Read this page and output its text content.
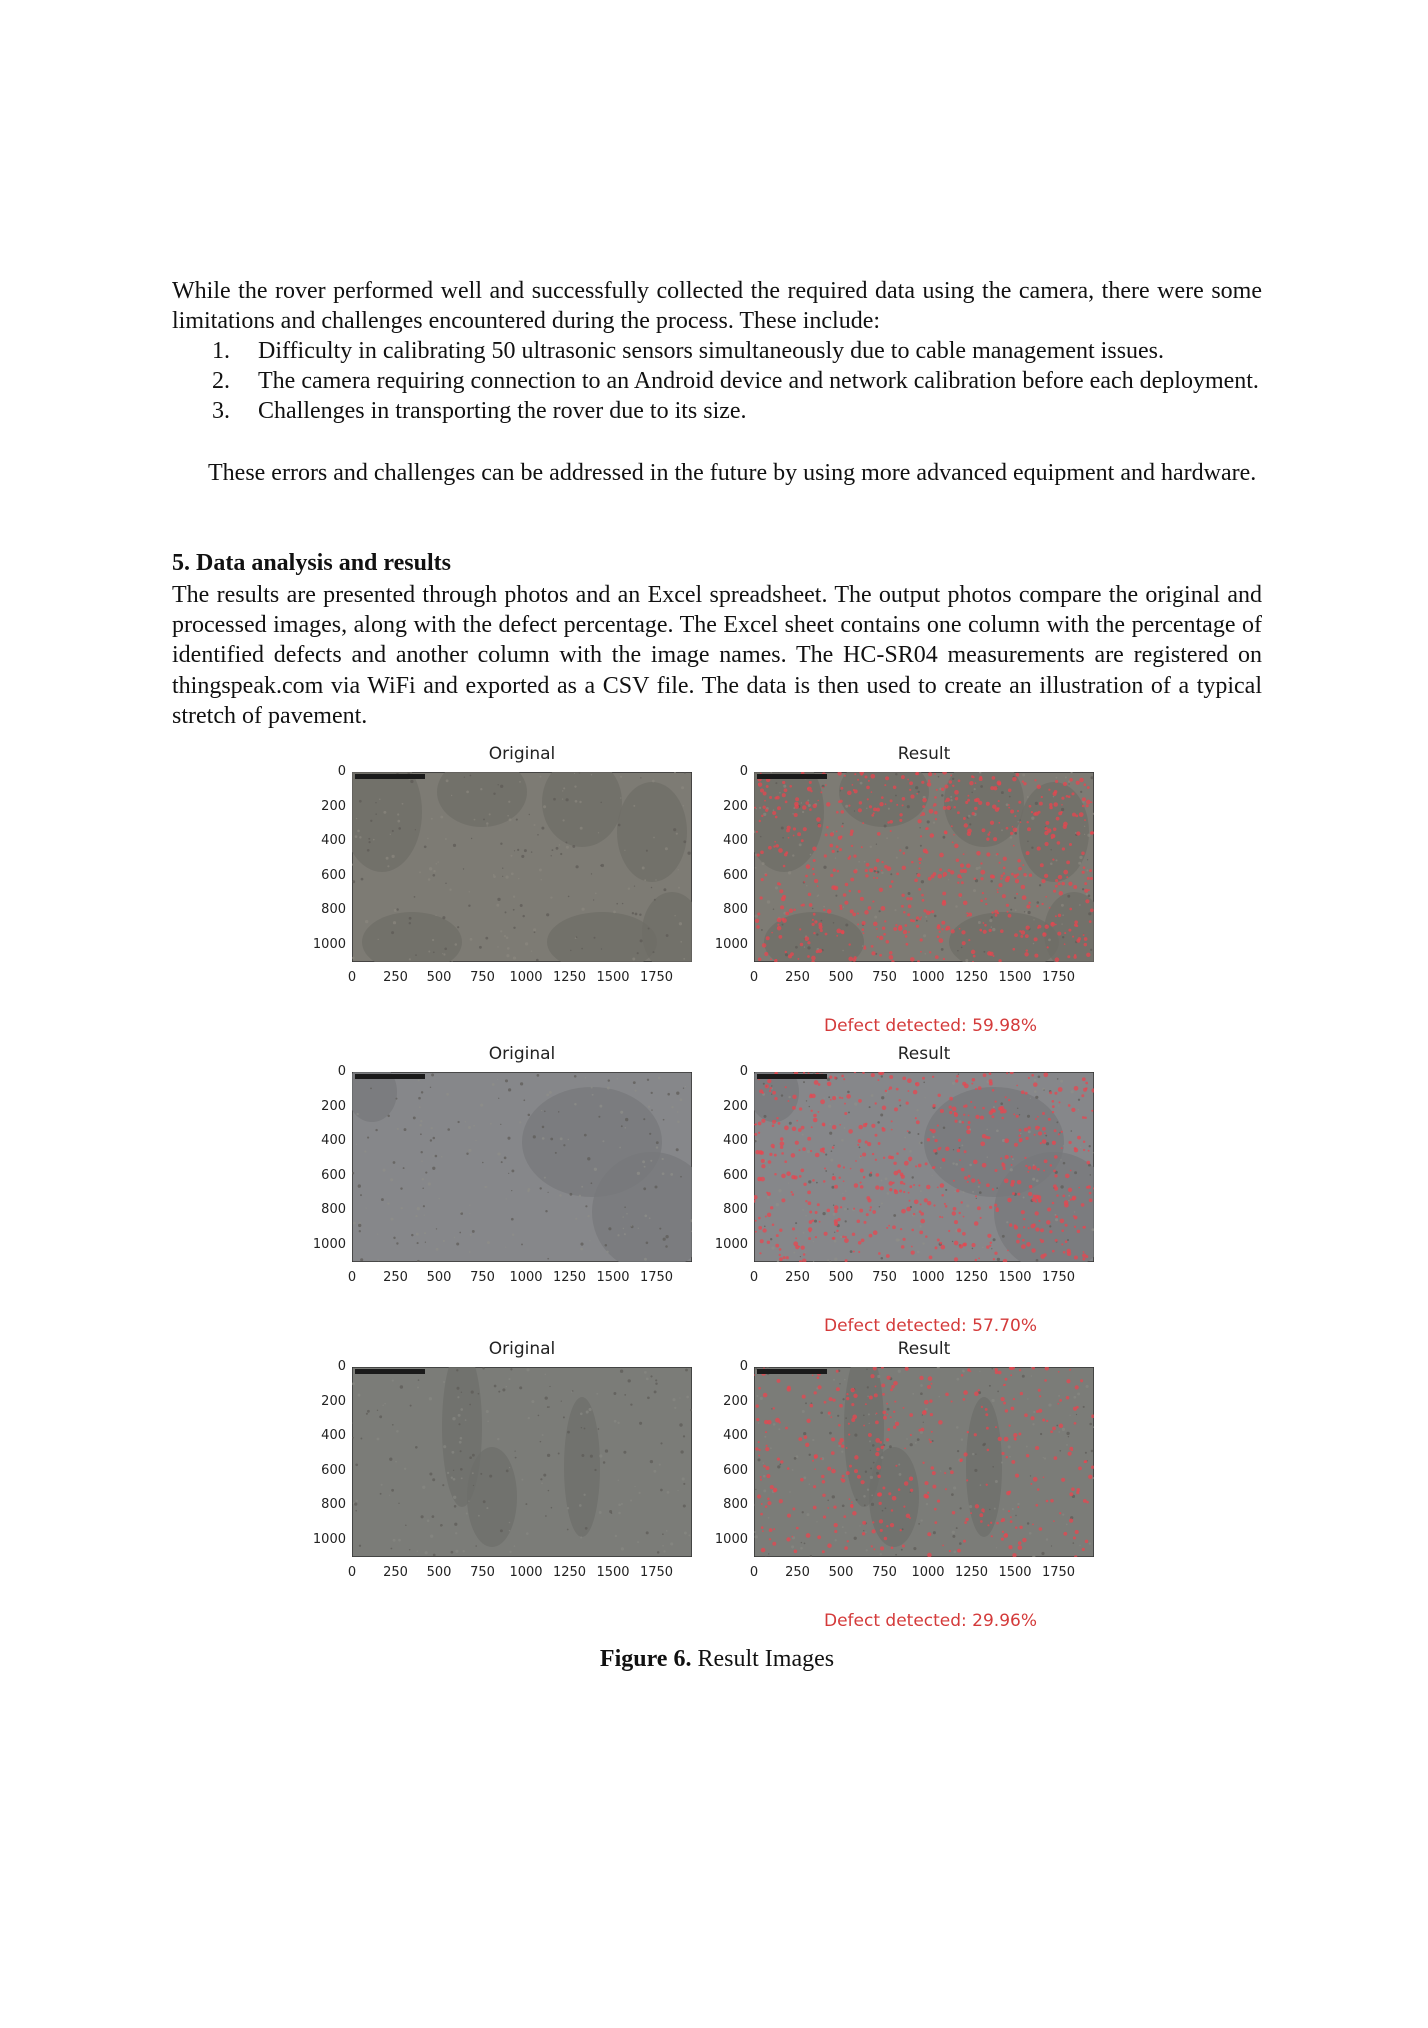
While the rover performed well and successfully collected the required data using the camera, there were some limitations and challenges encountered during the process. These include:
1.	Difficulty in calibrating 50 ultrasonic sensors simultaneously due to cable management issues.
2.	The camera requiring connection to an Android device and network calibration before each deployment.
3.	Challenges in transporting the rover due to its size.
These errors and challenges can be addressed in the future by using more advanced equipment and hardware.
5. Data analysis and results
The results are presented through photos and an Excel spreadsheet. The output photos compare the original and processed images, along with the defect percentage. The Excel sheet contains one column with the percentage of identified defects and another column with the image names. The HC-SR04 measurements are registered on thingspeak.com via WiFi and exported as a CSV file. The data is then used to create an illustration of a typical stretch of pavement.
Figure 6. Result Images
Original
0
200
400
600
800
1000
0	250	500	750	1000 1250 1500 1750
Result
0
200
400
600
800
1000
0	250	500	750	1000 1250 1500 1750
Defect detected: 59.98%
Original
0
200
400
600
800
1000
0	250	500	750	1000 1250 1500 1750
Result
0
200
400
600
800
1000
0	250	500	750	1000 1250 1500 1750
Defect detected: 57.70%
Original
0
200
400
600
800
1000
0	250	500	750	1000 1250 1500 1750
Result
0
200
400
600
800
1000
0	250	500	750	1000 1250 1500 1750
Defect detected: 29.96%
